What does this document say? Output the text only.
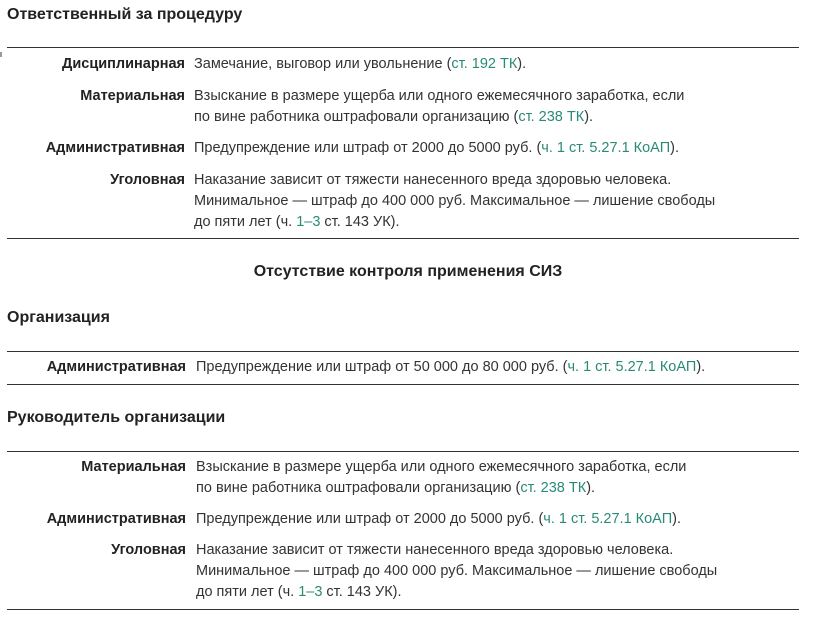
Ответственный за процедуру
Дисциплинарная Замечание, выговор или увольнение (ст. 192 ТК).
Материальная Взыскание в размере ущерба или одного ежемесячного заработка, если
по вине работника оштрафовали организацию (ст. 238 ТК).
Административная Предупреждение или штраф от 2000 до 5000 руб. (ч. 1 ст. 5.27.1 КоАП).
Уголовная Наказание зависит от тяжести нанесенного вреда здоровью человека.
Минимальное — штраф до 400 000 руб. Максимальное — лишение свободы
до пяти лет (ч. 1–3 ст. 143 УК).
Отсутствие контроля применения СИЗ
Организация
Административная Предупреждение или штраф от 50 000 до 80 000 руб. (ч. 1 ст. 5.27.1 КоАП).
Руководитель организации
Материальная Взыскание в размере ущерба или одного ежемесячного заработка, если
по вине работника оштрафовали организацию (ст. 238 ТК).
Административная Предупреждение или штраф от 2000 до 5000 руб. (ч. 1 ст. 5.27.1 КоАП).
Уголовная Наказание зависит от тяжести нанесенного вреда здоровью человека.
Минимальное — штраф до 400 000 руб. Максимальное — лишение свободы
до пяти лет (ч. 1–3 ст. 143 УК).
